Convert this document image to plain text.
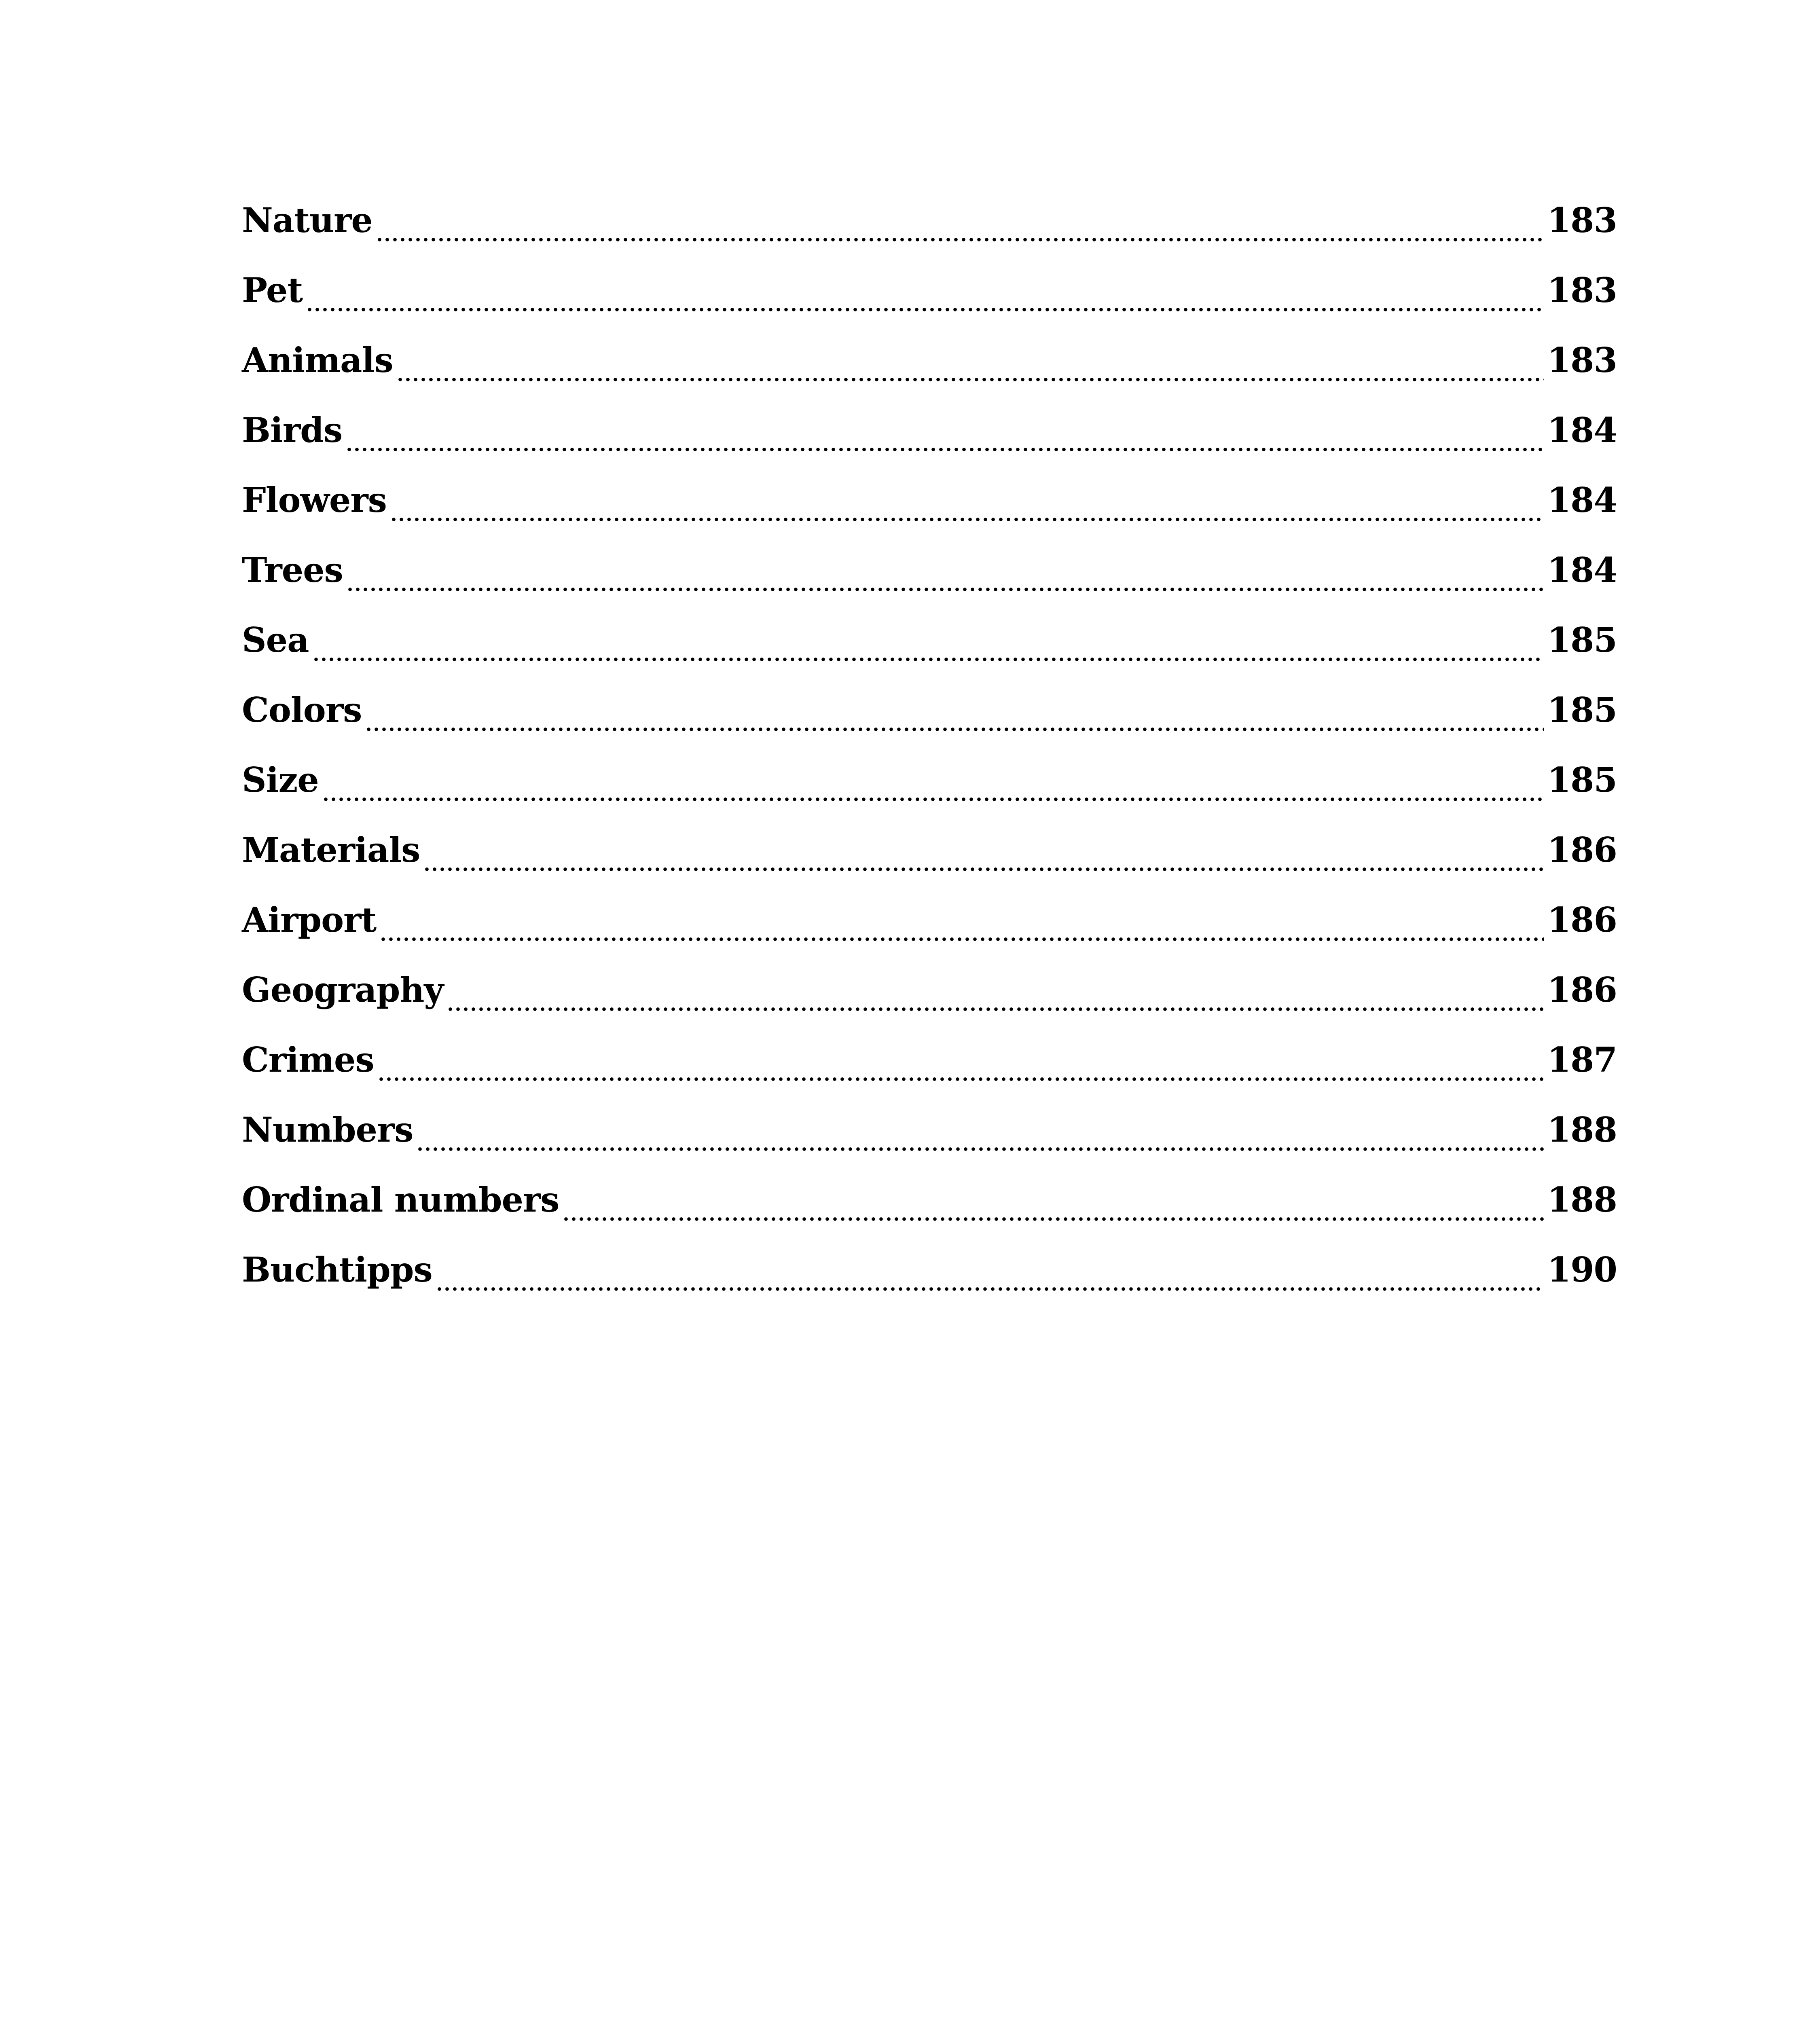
Nature	183
Pet	183
Animals	183
Birds	184
Flowers	184
Trees	184
Sea	185
Colors	185
Size	185
Materials	186
Airport	186
Geography	186
Crimes	187
Numbers	188
Ordinal numbers	188
Buchtipps	190
